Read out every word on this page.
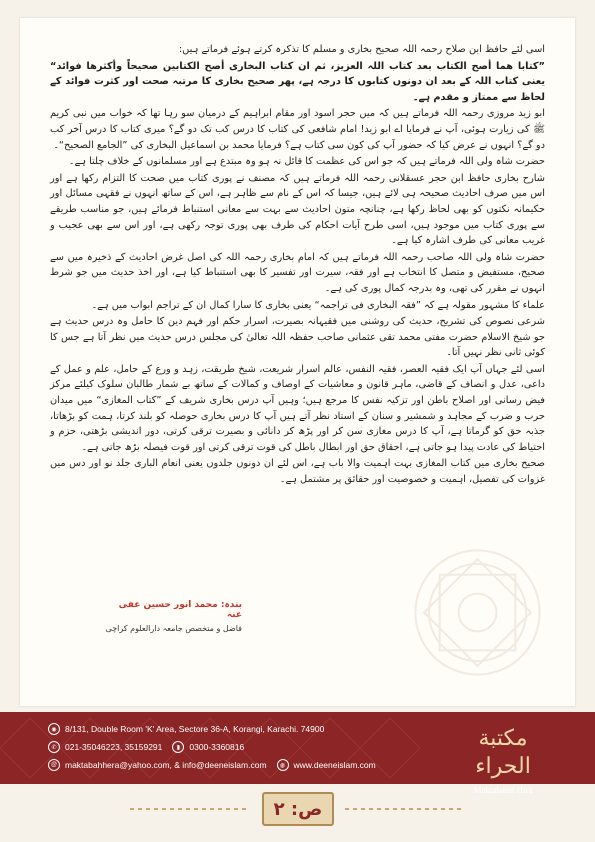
اسی لئے حافظ ابن صلاح رحمہ اللہ صحیح بخاری و مسلم کا تذکرہ کرتے ہوئے فرماتے ہیں:

”کتابا هما أصح الکتاب بعد کتاب اللہ العزیز، ثم ان کتاب البخاری أصح الکتابین صحیحاً وأکثرها فوائد“ یعنی کتاب اللہ کے بعد ان دونوں کتابوں کا درجہ ہے، پھر صحیح بخاری کا مرتبہ صحت اور کثرت فوائد کے لحاظ سے ممتاز و مقدم ہے۔

ابو زید مروزی رحمہ اللہ فرماتے ہیں کہ میں حجر اسود اور مقام ابراہیم کے درمیان سو رہا تھا کہ خواب میں نبی کریم ﷺ کی زیارت ہوئی، آپ نے فرمایا اے ابو زید! امام شافعی کی کتاب کا درس کب تک دو گے؟ میری کتاب کا درس آخر کب دو گے؟ انہوں نے عرض کیا کہ حضور آپ کی کون سی کتاب ہے؟ فرمایا محمد بن اسماعیل البخاری کی ”الجامع الصحیح“۔

حضرت شاہ ولی اللہ فرماتے ہیں کہ جو اس کی عظمت کا قائل نہ ہو وہ مبتدع ہے اور مسلمانوں کے خلاف چلتا ہے۔

شارح بخاری حافظ ابن حجر عسقلانی رحمہ اللہ فرماتے ہیں کہ مصنف نے پوری کتاب میں صحت کا التزام رکھا ہے اور اس میں صرف احادیث صحیحہ ہی لائے ہیں، جیسا کہ اس کے نام سے ظاہر ہے، اس کے ساتھ انہوں نے فقہی مسائل اور حکیمانہ نکتوں کو بھی لحاظ رکھا ہے، چنانچہ متون احادیث سے بہت سے معانی استنباط فرمائے ہیں، جو مناسب طریقے سے پوری کتاب میں موجود ہیں، اسی طرح آیات احکام کی طرف بھی پوری توجہ رکھی ہے، اور اس سے بھی عجیب و غریب معانی کی طرف اشارہ کیا ہے۔

حضرت شاہ ولی اللہ صاحب رحمہ اللہ فرماتے ہیں کہ امام بخاری رحمہ اللہ کی اصل غرض احادیث کے ذخیرہ میں سے صحیح، مستفیض و متصل کا انتخاب ہے اور فقہ، سیرت اور تفسیر کا بھی استنباط کیا ہے، اور اخذ حدیث میں جو شرط انہوں نے مقرر کی تھی، وہ بدرجہ کمال پوری کی ہے۔

علماء کا مشہور مقولہ ہے کہ ”فقہ البخاری فی تراجمہ“ یعنی بخاری کا سارا کمال ان کے تراجم ابواب میں ہے۔

شرعی نصوص کی تشریح، حدیث کی روشنی میں فقیہانہ بصیرت، اسرار حکم اور فہم دین کا حامل وہ درس حدیث ہے جو شیخ الاسلام حضرت مفتی محمد تقی عثمانی صاحب حفظہ اللہ تعالیٰ کی مجلس درس حدیث میں نظر آتا ہے جس کا کوئی ثانی نظر نہیں آتا۔

اسی لئے جہاں آپ ایک فقیہ العصر، فقیہ النفس، عالم اسرار شریعت، شیخ طریقت، زہد و ورع کے حامل، علم و عمل کے داعی، عدل و انصاف کے قاضی، ماہر قانون و معاشیات کے اوصاف و کمالات کے ساتھ بے شمار طالبان سلوک کیلئے مرکز فیض رسانی اور اصلاح باطن اور تزکیہ نفس کا مرجع ہیں؛ وہیں آپ درس بخاری شریف کے ”کتاب المغازی“ میں میدان حرب و ضرب کے مجاہد و شمشیر و سنان کے استاد نظر آتے ہیں آپ کا درس بخاری حوصلہ کو بلند کرتا، ہمت کو بڑھاتا، جذبہ حق کو گرماتا ہے، آپ کا درس مغازی سن کر اور پڑھ کر دانائی و بصیرت ترقی کرتی، دور اندیشی بڑھتی، حزم و احتیاط کی عادت پیدا ہو جاتی ہے، احقاق حق اور ابطال باطل کی قوت ترقی کرتی اور قوت فیصلہ بڑھ جاتی ہے۔

صحیح بخاری میں کتاب المغازی بہت اہمیت والا باب ہے، اس لئے ان دونوں جلدوں یعنی انعام الباری جلد نو اور دس میں غزوات کی تفصیل، اہمیت و خصوصیت اور حقائق پر مشتمل ہے۔

بندہ: محمد انور حسین عفی عنہ
فاضل و متخصص جامعہ دارالعلوم کراچی
◉ 8/131, Double Room 'K' Area, Sectore 36-A, Korangi, Karachi. 74900
✆ 021-35046223, 35159291	▮	0300-3360816
@ maktabahhera@yahoo.com, & info@deeneislam.com	◍ www.deeneislam.com
مكتبة الحراء
Maktabatul Hira
ص: ٢
